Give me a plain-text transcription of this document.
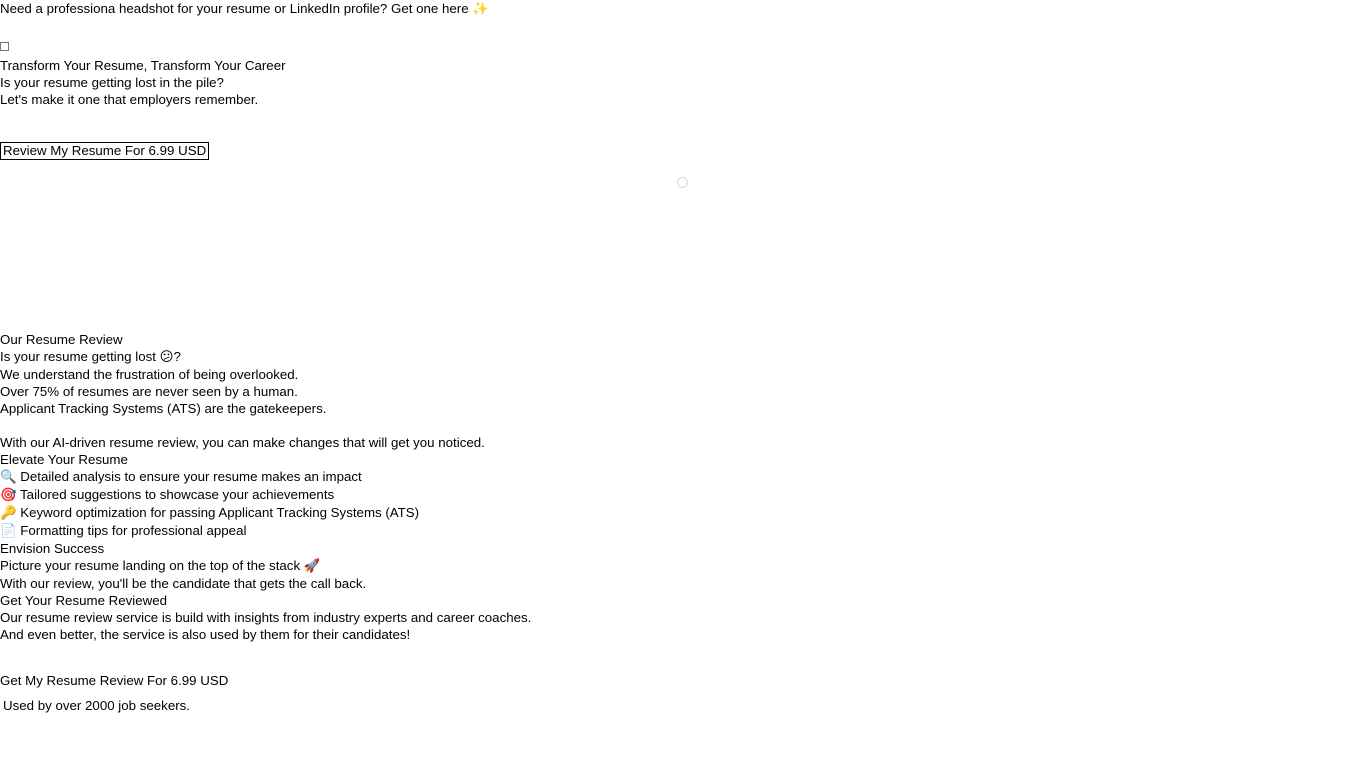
Need a professiona headshot for your resume or LinkedIn profile? Get one here ✨
Transform Your Resume, Transform Your Career
Is your resume getting lost in the pile?
Let's make it one that employers remember.
Review My Resume For 6.99 USD
Our Resume Review
Is your resume getting lost 😕?
We understand the frustration of being overlooked.
Over 75% of resumes are never seen by a human.
Applicant Tracking Systems (ATS) are the gatekeepers.
With our AI-driven resume review, you can make changes that will get you noticed.
Elevate Your Resume
🔍 Detailed analysis to ensure your resume makes an impact
🎯 Tailored suggestions to showcase your achievements
🔑 Keyword optimization for passing Applicant Tracking Systems (ATS)
📄 Formatting tips for professional appeal
Envision Success
Picture your resume landing on the top of the stack 🚀
With our review, you'll be the candidate that gets the call back.
Get Your Resume Reviewed
Our resume review service is build with insights from industry experts and career coaches.
And even better, the service is also used by them for their candidates!
Get My Resume Review For 6.99 USD
Used by over 2000 job seekers.
